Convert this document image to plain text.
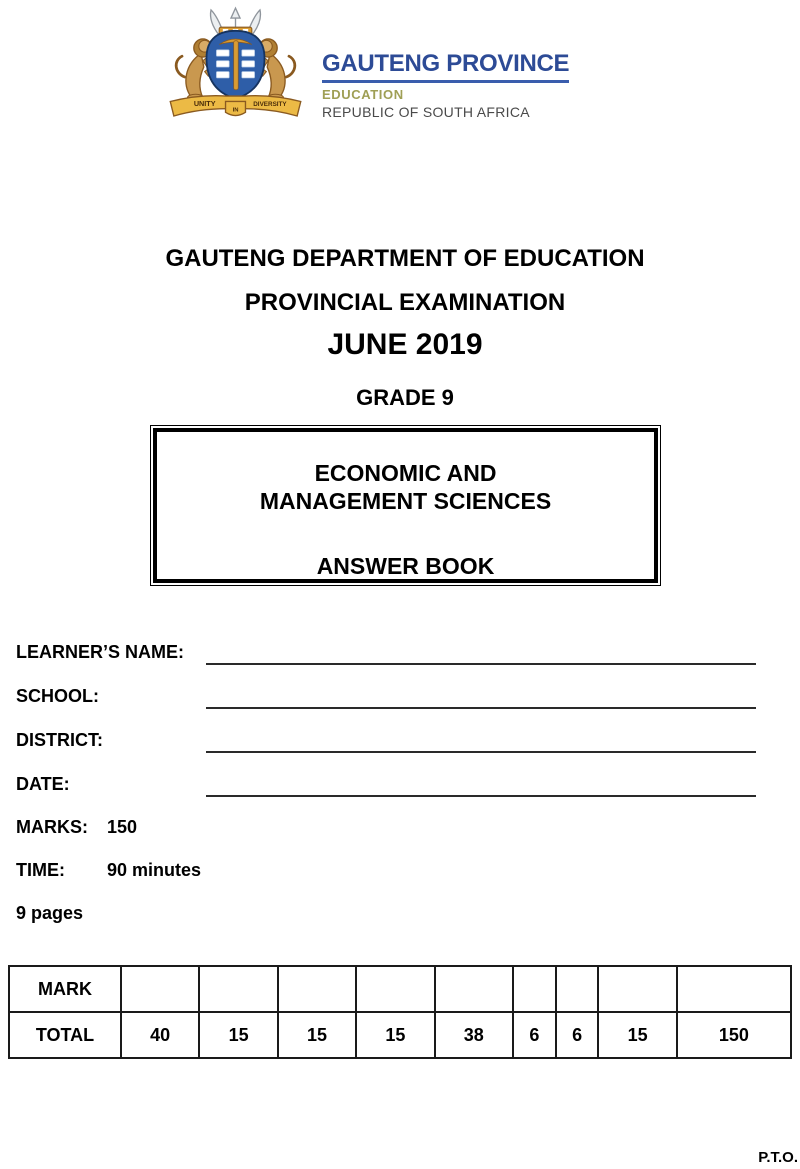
UNITY	DIVERSITY
IN
GAUTENG PROVINCE
EDUCATION
REPUBLIC OF SOUTH AFRICA
GAUTENG DEPARTMENT OF EDUCATION
PROVINCIAL EXAMINATION
JUNE 2019
GRADE 9
ECONOMIC AND
MANAGEMENT SCIENCES
ANSWER BOOK
LEARNER’S NAME:
SCHOOL:
DISTRICT:
DATE:
MARKS:	150
TIME:	90 minutes
9 pages
MARK									
TOTAL	40	15	15	15	38	6	6	15	150
P.T.O.
